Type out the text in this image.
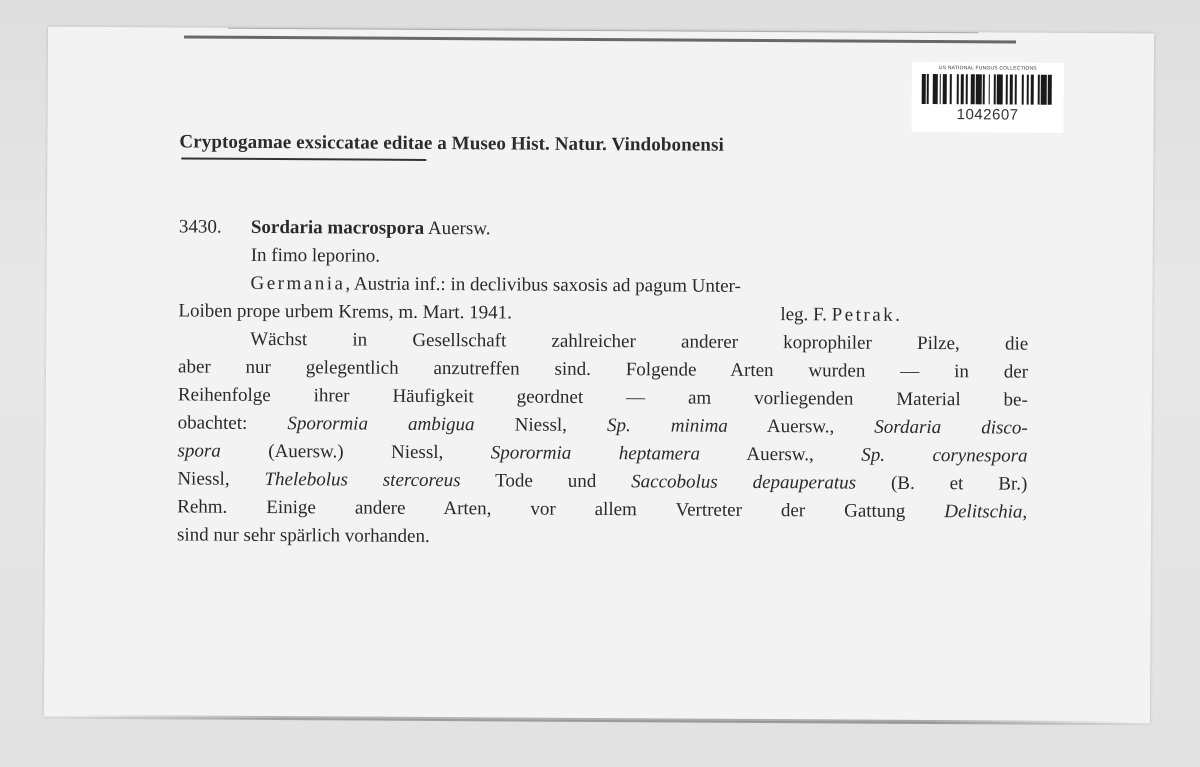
US NATIONAL FUNGUS COLLECTIONS
1042607
Cryptogamae exsiccatae editae a Museo Hist. Natur. Vindobonensi
3430. Sordaria macrospora Auersw.
In fimo leporino.
Germania, Austria inf.: in declivibus saxosis ad pagum Unter-
Loiben prope urbem Krems, m. Mart. 1941.	leg. F. Petrak.
Wächst in Gesellschaft zahlreicher anderer koprophiler Pilze, die
aber nur gelegentlich anzutreffen sind. Folgende Arten wurden — in der
Reihenfolge ihrer Häufigkeit geordnet — am vorliegenden Material be-
obachtet: Sporormia ambigua Niessl, Sp. minima Auersw., Sordaria disco-
spora (Auersw.) Niessl, Sporormia heptamera Auersw., Sp. corynespora
Niessl, Thelebolus stercoreus Tode und Saccobolus depauperatus (B. et Br.)
Rehm. Einige andere Arten, vor allem Vertreter der Gattung Delitschia,
sind nur sehr spärlich vorhanden.
